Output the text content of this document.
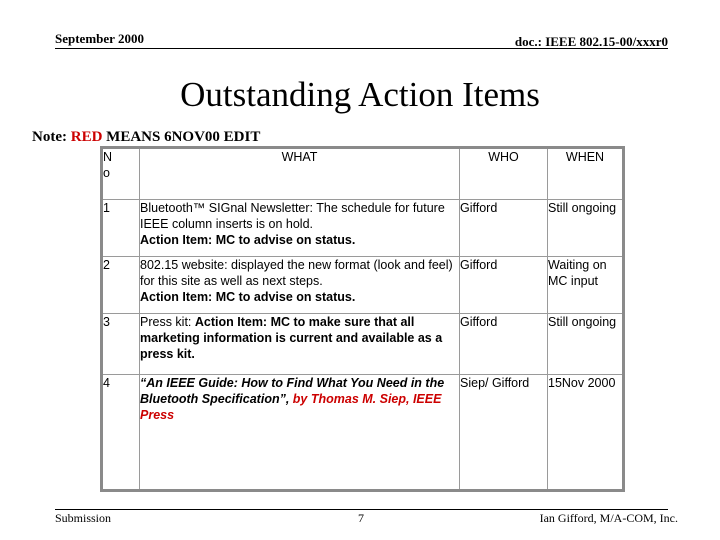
September 2000	doc.: IEEE 802.15-00/xxxr0
Outstanding Action Items
Note: RED MEANS 6NOV00 EDIT
N
o	WHAT	WHO	WHEN
1	Bluetooth™ SIGnal Newsletter: The schedule for future IEEE column inserts is on hold.
Action Item: MC to advise on status.	Gifford	Still ongoing
2	802.15 website: displayed the new format (look and feel) for this site as well as next steps.
Action Item: MC to advise on status.	Gifford	Waiting on MC input
3	Press kit: Action Item: MC to make sure that all marketing information is current and available as a press kit.	Gifford	Still ongoing
4	“An IEEE Guide: How to Find What You Need in the Bluetooth Specification”, by Thomas M. Siep, IEEE Press	Siep/ Gifford	15Nov 2000
Submission	7	Ian Gifford, M/A-COM, Inc.
